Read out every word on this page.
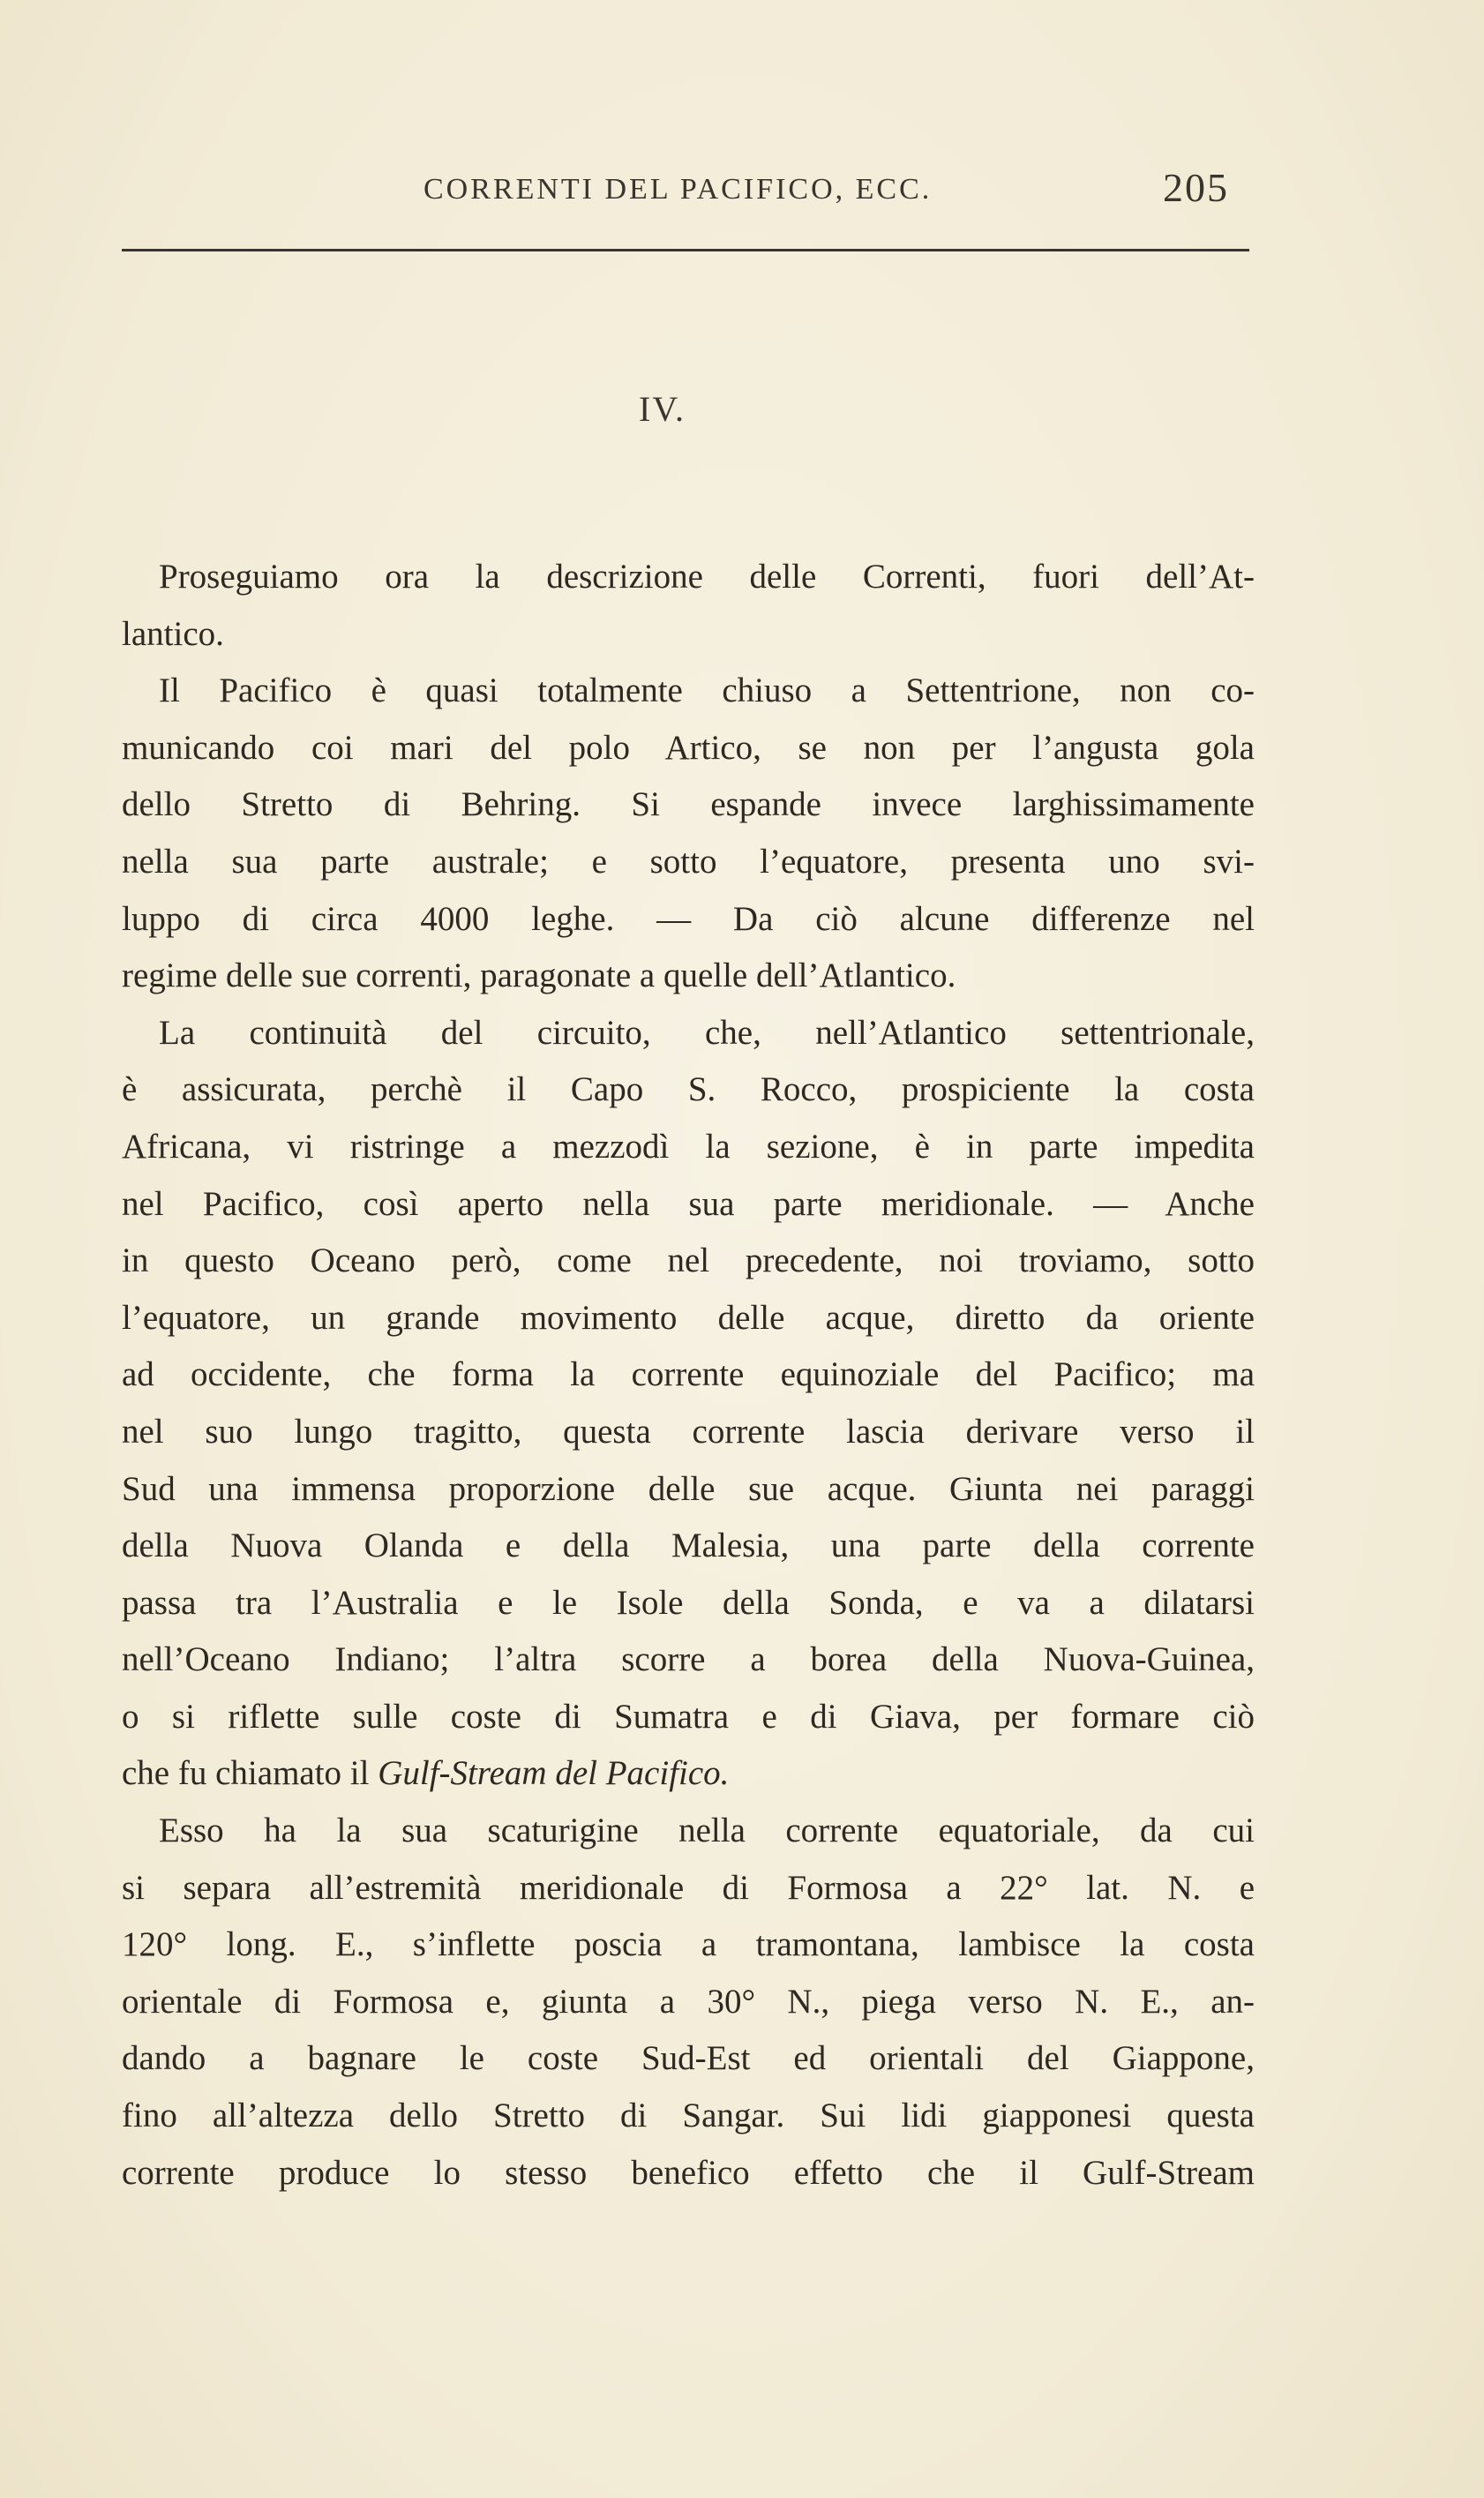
CORRENTI DEL PACIFICO, ECC.	205
IV.
Proseguiamo ora la descrizione delle Correnti, fuori dell’At-
lantico.
Il Pacifico è quasi totalmente chiuso a Settentrione, non co-
municando coi mari del polo Artico, se non per l’angusta gola
dello Stretto di Behring. Si espande invece larghissimamente
nella sua parte australe; e sotto l’equatore, presenta uno svi-
luppo di circa 4000 leghe. — Da ciò alcune differenze nel
regime delle sue correnti, paragonate a quelle dell’Atlantico.
La continuità del circuito, che, nell’Atlantico settentrionale,
è assicurata, perchè il Capo S. Rocco, prospiciente la costa
Africana, vi ristringe a mezzodì la sezione, è in parte impedita
nel Pacifico, così aperto nella sua parte meridionale. — Anche
in questo Oceano però, come nel precedente, noi troviamo, sotto
l’equatore, un grande movimento delle acque, diretto da oriente
ad occidente, che forma la corrente equinoziale del Pacifico; ma
nel suo lungo tragitto, questa corrente lascia derivare verso il
Sud una immensa proporzione delle sue acque. Giunta nei paraggi
della Nuova Olanda e della Malesia, una parte della corrente
passa tra l’Australia e le Isole della Sonda, e va a dilatarsi
nell’Oceano Indiano; l’altra scorre a borea della Nuova-Guinea,
o si riflette sulle coste di Sumatra e di Giava, per formare ciò
che fu chiamato il Gulf-Stream del Pacifico.
Esso ha la sua scaturigine nella corrente equatoriale, da cui
si separa all’estremità meridionale di Formosa a 22° lat. N. e
120° long. E., s’inflette poscia a tramontana, lambisce la costa
orientale di Formosa e, giunta a 30° N., piega verso N. E., an-
dando a bagnare le coste Sud-Est ed orientali del Giappone,
fino all’altezza dello Stretto di Sangar. Sui lidi giapponesi questa
corrente produce lo stesso benefico effetto che il Gulf-Stream
